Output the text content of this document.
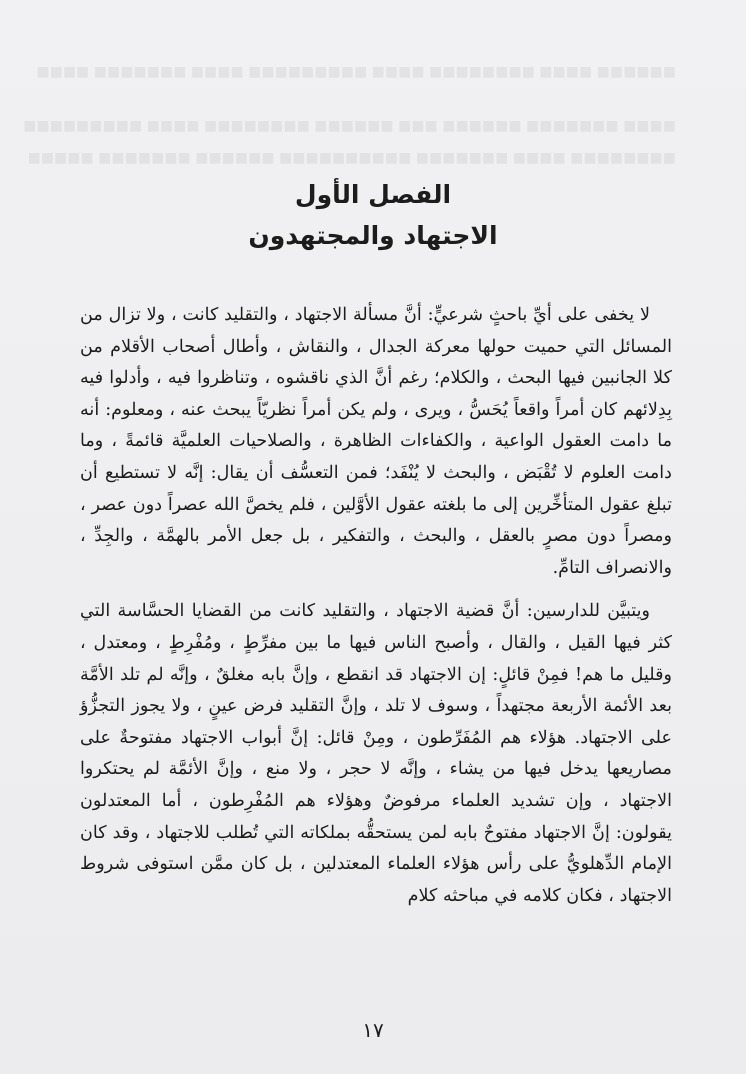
■■■■■■ ■■■■ ■■■■■■■■ ■■■■ ■■■■■■■■■ ■■■■ ■■■■■■■ ■■■■
■■■■ ■■■■■■■ ■■■■■■ ■■■ ■■■■■■ ■■■■■■■■ ■■■■ ■■■■■■■■■
■■■■■■■■ ■■■■ ■■■■■■■ ■■■■■■■■■■ ■■■■■■ ■■■■■■■ ■■■■■
الفصل الأول
الاجتهاد والمجتهدون

لا يخفى على أيِّ باحثٍ شرعيٍّ: أنَّ مسألة الاجتهاد ، والتقليد كانت ، ولا تزال من المسائل التي حميت حولها معركة الجدال ، والنقاش ، وأطال أصحاب الأقلام من كلا الجانبين فيها البحث ، والكلام؛ رغم أنَّ الذي ناقشوه ، وتناظروا فيه ، وأدلوا فيه بِدِلائهم كان أمراً واقعاً يُحَسُّ ، ويرى ، ولم يكن أمراً نظريّاً يبحث عنه ، ومعلوم: أنه ما دامت العقول الواعية ، والكفاءات الظاهرة ، والصلاحيات العلميَّة قائمةً ، وما دامت العلوم لا تُقْبَض ، والبحث لا يُنْفَد؛ فمن التعسُّف أن يقال: إنَّه لا تستطيع أن تبلغ عقول المتأخِّرين إلى ما بلغته عقول الأوَّلين ، فلم يخصَّ الله عصراً دون عصر ، ومصراً دون مصرٍ بالعقل ، والبحث ، والتفكير ، بل جعل الأمر بالهمَّة ، والجِدِّ ، والانصراف التامِّ.

ويتبيَّن للدارسين: أنَّ قضية الاجتهاد ، والتقليد كانت من القضايا الحسَّاسة التي كثر فيها القيل ، والقال ، وأصبح الناس فيها ما بين مفرِّطٍ ، ومُفْرِطٍ ، ومعتدل ، وقليل ما هم! فمِنْ قائلٍ: إن الاجتهاد قد انقطع ، وإنَّ بابه مغلقٌ ، وإنَّه لم تلد الأمَّة بعد الأئمة الأربعة مجتهداً ، وسوف لا تلد ، وإنَّ التقليد فرض عينٍ ، ولا يجوز التجزُّؤ على الاجتهاد. هؤلاء هم المُفَرِّطون ، ومِنْ قائل: إنَّ أبواب الاجتهاد مفتوحةٌ على مصاريعها يدخل فيها من يشاء ، وإنَّه لا حجر ، ولا منع ، وإنَّ الأئمَّة لم يحتكروا الاجتهاد ، وإن تشديد العلماء مرفوضٌ وهؤلاء هم المُفْرِطون ، أما المعتدلون يقولون: إنَّ الاجتهاد مفتوحٌ بابه لمن يستحقُّه بملكاته التي تُطلب للاجتهاد ، وقد كان الإمام الدِّهلويُّ على رأس هؤلاء العلماء المعتدلين ، بل كان ممَّن استوفى شروط الاجتهاد ، فكان كلامه في مباحثه كلام

١٧
